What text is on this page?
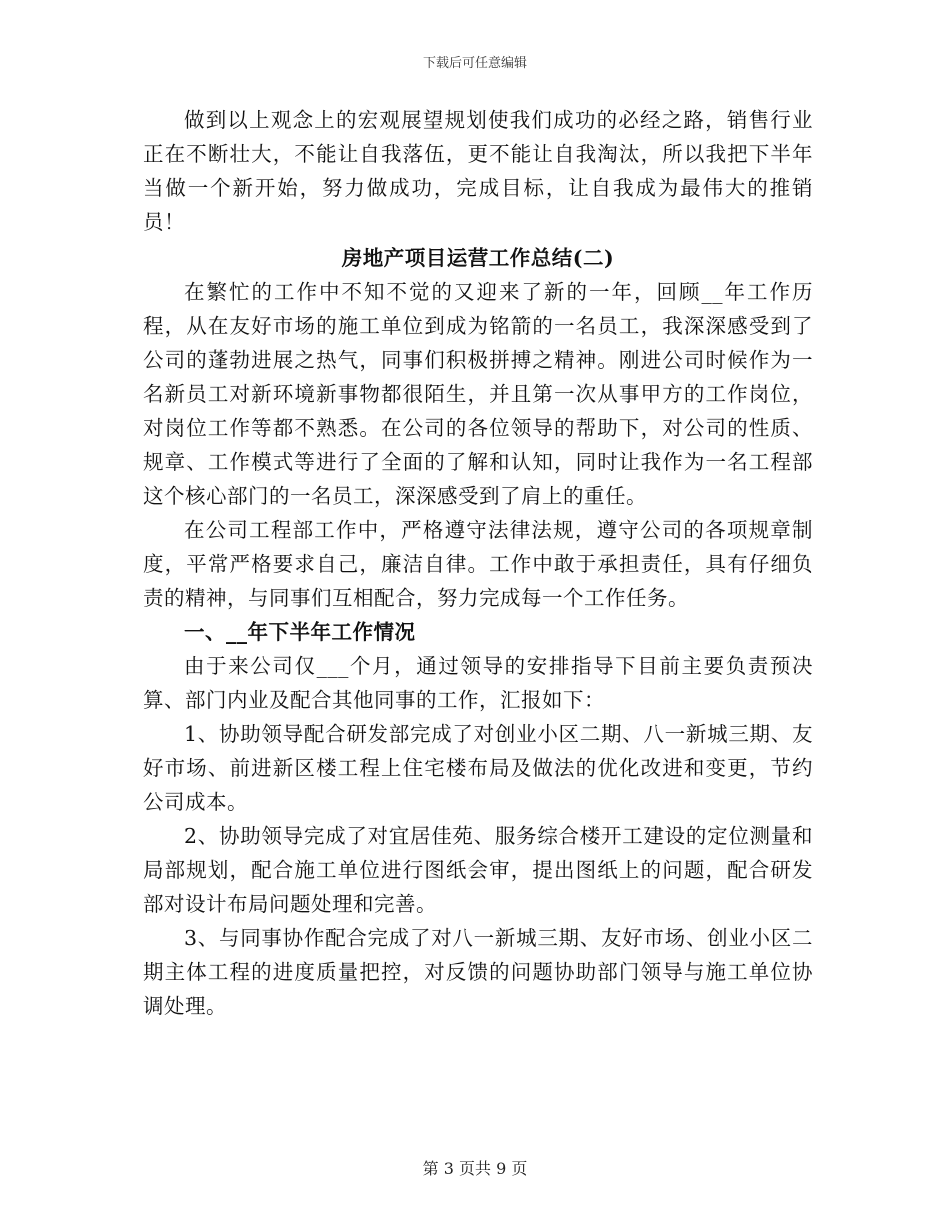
下载后可任意编辑

做到以上观念上的宏观展望规划使我们成功的必经之路，销售行业正在不断壮大，不能让自我落伍，更不能让自我淘汰，所以我把下半年当做一个新开始，努力做成功，完成目标，让自我成为最伟大的推销员！

房地产项目运营工作总结(二)

在繁忙的工作中不知不觉的又迎来了新的一年，回顾__年工作历程，从在友好市场的施工单位到成为铭箭的一名员工，我深深感受到了公司的蓬勃进展之热气，同事们积极拼搏之精神。刚进公司时候作为一名新员工对新环境新事物都很陌生，并且第一次从事甲方的工作岗位，对岗位工作等都不熟悉。在公司的各位领导的帮助下，对公司的性质、规章、工作模式等进行了全面的了解和认知，同时让我作为一名工程部这个核心部门的一名员工，深深感受到了肩上的重任。

在公司工程部工作中，严格遵守法律法规，遵守公司的各项规章制度，平常严格要求自己，廉洁自律。工作中敢于承担责任，具有仔细负责的精神，与同事们互相配合，努力完成每一个工作任务。

一、__年下半年工作情况

由于来公司仅___个月，通过领导的安排指导下目前主要负责预决算、部门内业及配合其他同事的工作，汇报如下：

1、协助领导配合研发部完成了对创业小区二期、八一新城三期、友好市场、前进新区楼工程上住宅楼布局及做法的优化改进和变更，节约公司成本。

2、协助领导完成了对宜居佳苑、服务综合楼开工建设的定位测量和局部规划，配合施工单位进行图纸会审，提出图纸上的问题，配合研发部对设计布局问题处理和完善。

3、与同事协作配合完成了对八一新城三期、友好市场、创业小区二期主体工程的进度质量把控，对反馈的问题协助部门领导与施工单位协调处理。

第 3 页共 9 页
